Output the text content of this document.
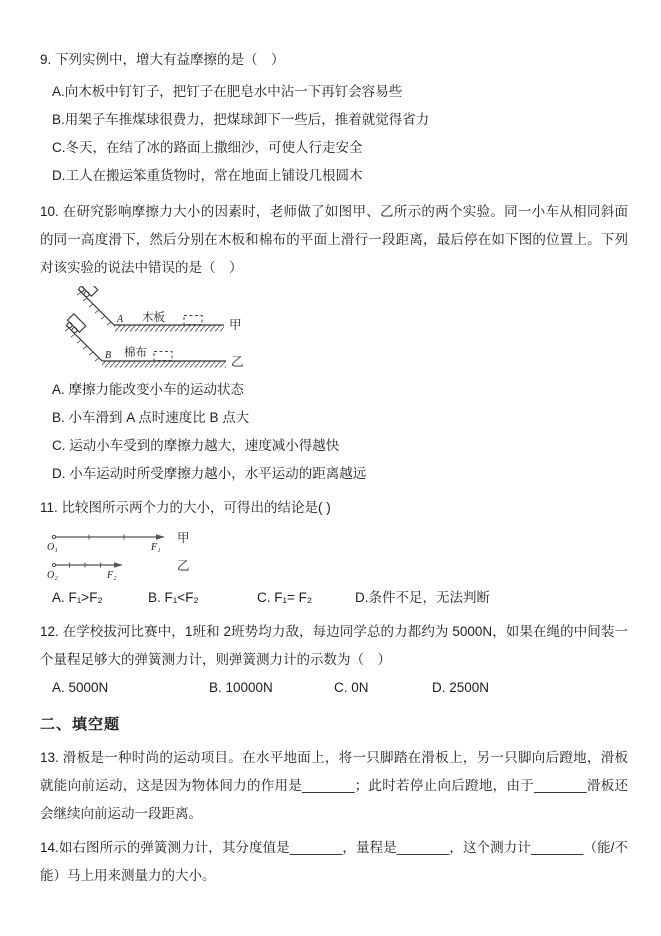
9. 下列实例中，增大有益摩擦的是（　）

A.向木板中钉钉子，把钉子在肥皂水中沾一下再钉会容易些

B.用架子车推煤球很费力，把煤球卸下一些后，推着就觉得省力

C.冬天，在结了冰的路面上撒细沙，可使人行走安全

D.工人在搬运笨重货物时，常在地面上铺设几根圆木

10. 在研究影响摩擦力大小的因素时，老师做了如图甲、乙所示的两个实验。同一小车从相同斜面的同一高度滑下，然后分别在木板和棉布的平面上滑行一段距离，最后停在如下图的位置上。下列对该实验的说法中错误的是（　）

A 木板	甲
B 棉布
乙

A. 摩擦力能改变小车的运动状态

B. 小车滑到 A 点时速度比 B 点大

C. 运动小车受到的摩擦力越大，速度减小得越快

D. 小车运动时所受摩擦力越小，水平运动的距离越远

11. 比较图所示两个力的大小，可得出的结论是( )

O₁	F₁
甲
O₂	F₂
乙
A. F₁>F₂	B. F₁<F₂	C. F₁= F₂	D.条件不足，无法判断

12. 在学校拔河比赛中，1班和 2班势均力敌，每边同学总的力都约为 5000N，如果在绳的中间装一个量程足够大的弹簧测力计，则弹簧测力计的示数为（　）

A. 5000N	B. 10000N	C. 0N	D. 2500N
二、填空题

13. 滑板是一种时尚的运动项目。在水平地面上，将一只脚踏在滑板上，另一只脚向后蹬地，滑板就能向前运动，这是因为物体间力的作用是_______；此时若停止向后蹬地，由于_______滑板还会继续向前运动一段距离。

14.如右图所示的弹簧测力计，其分度值是_______，量程是_______，这个测力计_______（能/不能）马上用来测量力的大小。
